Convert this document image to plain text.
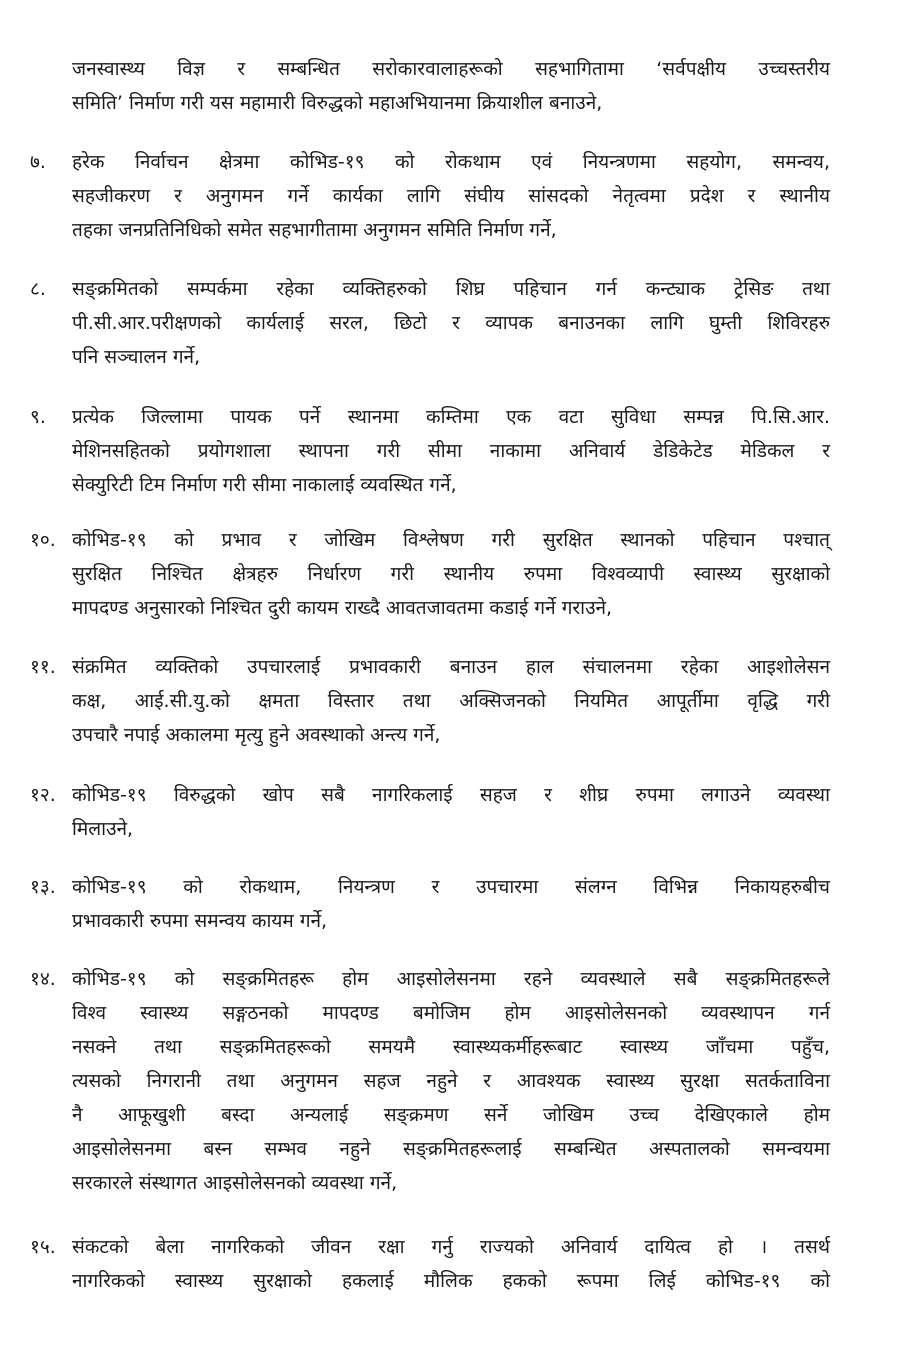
जनस्वास्थ्य विज्ञ र सम्बन्धित सरोकारवालाहरूको सहभागितामा ‘सर्वपक्षीय उच्चस्तरीय
समिति’ निर्माण गरी यस महामारी विरुद्धको महाअभियानमा क्रियाशील बनाउने,
७.	हरेक निर्वाचन क्षेत्रमा कोभिड-१९ को रोकथाम एवं नियन्त्रणमा सहयोग, समन्वय,
सहजीकरण र अनुगमन गर्ने कार्यका लागि संघीय सांसदको नेतृत्वमा प्रदेश र स्थानीय
तहका जनप्रतिनिधिको समेत सहभागीतामा अनुगमन समिति निर्माण गर्ने,
८.	सङ्क्रमितको सम्पर्कमा रहेका व्यक्तिहरुको शिघ्र पहिचान गर्न कन्ट्याक ट्रेसिङ तथा
पी.सी.आर.परीक्षणको कार्यलाई सरल, छिटो र व्यापक बनाउनका लागि घुम्ती शिविरहरु
पनि सञ्चालन गर्ने,
९.	प्रत्येक जिल्लामा पायक पर्ने स्थानमा कम्तिमा एक वटा सुविधा सम्पन्न पि.सि.आर.
मेशिनसहितको प्रयोगशाला स्थापना गरी सीमा नाकामा अनिवार्य डेडिकेटेड मेडिकल र
सेक्युरिटी टिम निर्माण गरी सीमा नाकालाई व्यवस्थित गर्ने,
१०. कोभिड-१९ को प्रभाव र जोखिम विश्लेषण गरी सुरक्षित स्थानको पहिचान पश्चात्
सुरक्षित निश्चित क्षेत्रहरु निर्धारण गरी स्थानीय रुपमा विश्वव्यापी स्वास्थ्य सुरक्षाको
मापदण्ड अनुसारको निश्चित दुरी कायम राख्दै आवतजावतमा कडाई गर्ने गराउने,
११. संक्रमित व्यक्तिको उपचारलाई प्रभावकारी बनाउन हाल संचालनमा रहेका आइशोलेसन
कक्ष, आई.सी.यु.को क्षमता विस्तार तथा अक्सिजनको नियमित आपूर्तीमा वृद्धि गरी
उपचारै नपाई अकालमा मृत्यु हुने अवस्थाको अन्त्य गर्ने,
१२. कोभिड-१९ विरुद्धको खोप सबै नागरिकलाई सहज र शीघ्र रुपमा लगाउने व्यवस्था
मिलाउने,
१३. कोभिड-१९ को रोकथाम, नियन्त्रण र उपचारमा संलग्न विभिन्न निकायहरुबीच
प्रभावकारी रुपमा समन्वय कायम गर्ने,
१४. कोभिड-१९ को सङ्क्रमितहरू होम आइसोलेसनमा रहने व्यवस्थाले सबै सङ्क्रमितहरूले
विश्व स्वास्थ्य सङ्गठनको मापदण्ड बमोजिम होम आइसोलेसनको व्यवस्थापन गर्न
नसक्ने तथा सङ्क्रमितहरूको समयमै स्वास्थ्यकर्मीहरूबाट स्वास्थ्य जाँचमा पहुँच,
त्यसको निगरानी तथा अनुगमन सहज नहुने र आवश्यक स्वास्थ्य सुरक्षा सतर्कताविना
नै आफूखुशी बस्दा अन्यलाई सङ्क्रमण सर्ने जोखिम उच्च देखिएकाले होम
आइसोलेसनमा बस्न सम्भव नहुने सङ्क्रमितहरूलाई सम्बन्धित अस्पतालको समन्वयमा
सरकारले संस्थागत आइसोलेसनको व्यवस्था गर्ने,
१५. संकटको बेला नागरिकको जीवन रक्षा गर्नु राज्यको अनिवार्य दायित्व हो । तसर्थ
नागरिकको स्वास्थ्य सुरक्षाको हकलाई मौलिक हकको रूपमा लिई कोभिड-१९ को
